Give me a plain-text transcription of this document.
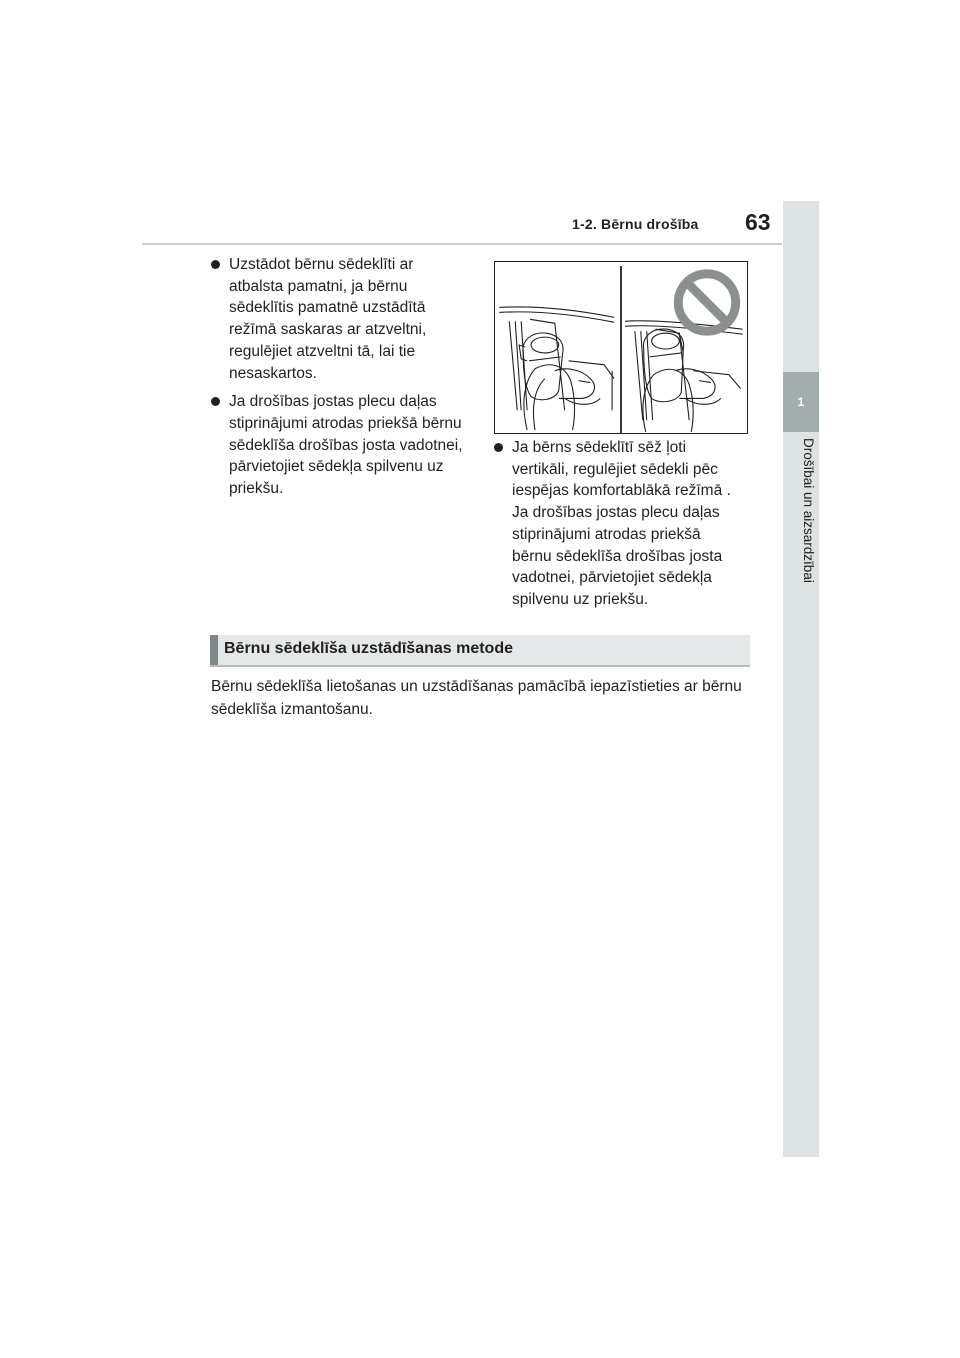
1-2. Bērnu drošība 63
1
Drošībai un aizsardzībai
Uzstādot bērnu sēdeklīti ar atbalsta pamatni, ja bērnu sēdeklītis pamatnē uzstādītā režīmā saskaras ar atzveltni, regulējiet atzveltni tā, lai tie nesaskartos.
Ja drošības jostas plecu daļas stiprinājumi atrodas priekšā bērnu sēdeklīša drošības josta vadotnei, pārvietojiet sēdekļa spilvenu uz priekšu.
Ja bērns sēdeklītī sēž ļoti vertikāli, regulējiet sēdekli pēc iespējas komfortablākā režīmā . Ja drošības jostas plecu daļas stiprinājumi atrodas priekšā bērnu sēdeklīša drošības josta vadotnei, pārvietojiet sēdekļa spilvenu uz priekšu.
Bērnu sēdeklīša uzstādīšanas metode
Bērnu sēdeklīša lietošanas un uzstādīšanas pamācībā iepazīstieties ar bērnu sēdeklīša izmantošanu.
